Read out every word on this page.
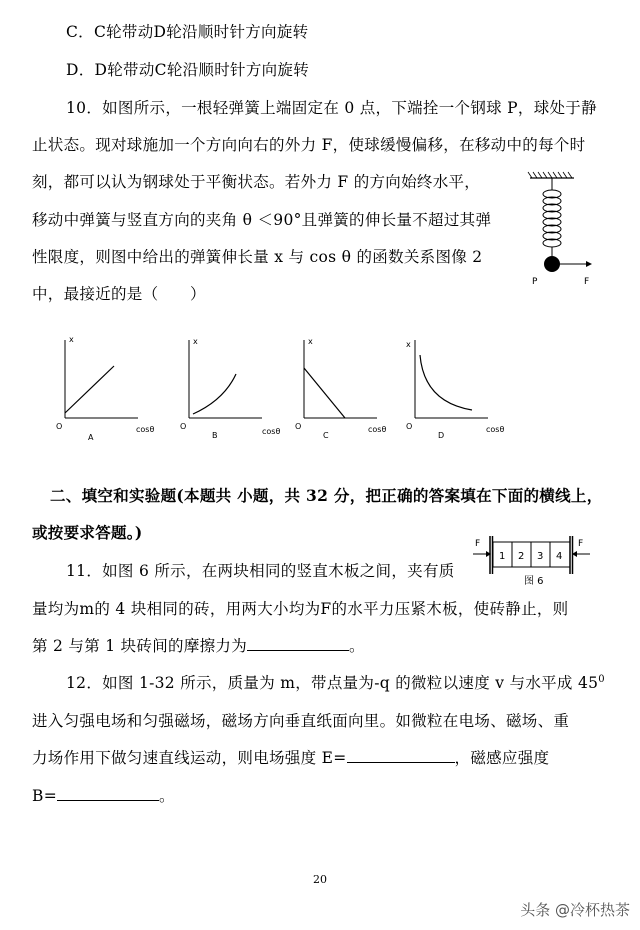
C．C轮带动D轮沿顺时针方向旋转
D．D轮带动C轮沿顺时针方向旋转
10．如图所示，一根轻弹簧上端固定在 0 点，下端拴一个钢球 P，球处于静
止状态。现对球施加一个方向向右的外力 F，使球缓慢偏移，在移动中的每个时
刻，都可以认为钢球处于平衡状态。若外力 F 的方向始终水平，
移动中弹簧与竖直方向的夹角 θ ＜90°且弹簧的伸长量不超过其弹
性限度，则图中给出的弹簧伸长量 x 与 cos θ 的函数关系图像 2
中，最接近的是（　　）
P	F
x
O	cosθ
A
x
O
cosθ
B
x
O	cosθ
C
x
O	cosθ
D
二、填空和实验题(本题共 小题，共 32 分，把正确的答案填在下面的横线上，
或按要求答题。)
11．如图 6 所示，在两块相同的竖直木板之间，夹有质
量均为m的 4 块相同的砖，用两大小均为F的水平力压紧木板，使砖静止，则
第 2 与第 1 块砖间的摩擦力为	。
1 2 3 4
F	F
图 6
12．如图 1-32 所示，质量为 m，带点量为-q 的微粒以速度 v 与水平成 $45^0$
进入匀强电场和匀强磁场，磁场方向垂直纸面向里。如微粒在电场、磁场、重
力场作用下做匀速直线运动，则电场强度 E=	，磁感应强度
B=	。
20
头条 @冷杯热茶
